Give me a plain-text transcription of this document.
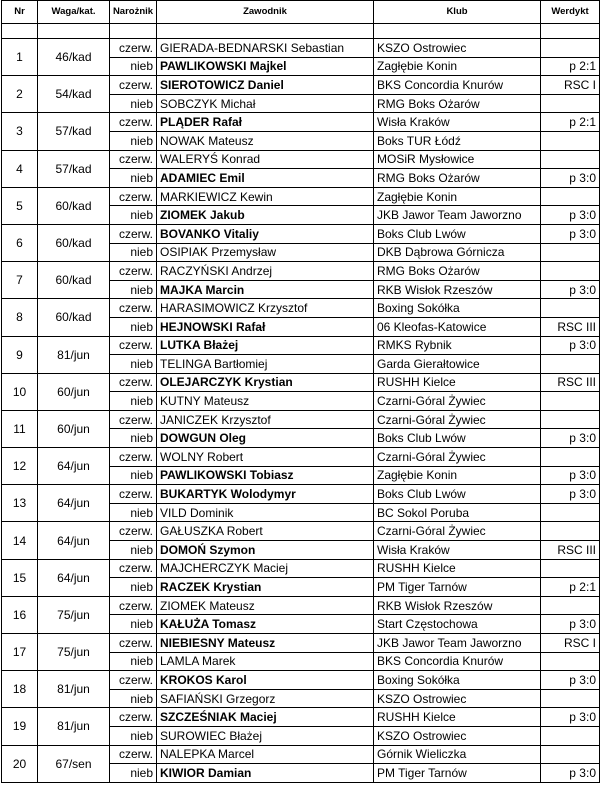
Nr	Waga/kat.	Narożnik	Zawodnik	Klub	Werdykt

1	46/kad	czerw.	GIERADA-BEDNARSKI Sebastian	KSZO Ostrowiec	
		nieb	PAWLIKOWSKI Majkel	Zagłębie Konin	p 2:1
2	54/kad	czerw.	SIEROTOWICZ Daniel	BKS Concordia Knurów	RSC I
		nieb	SOBCZYK Michał	RMG Boks Ożarów	
3	57/kad	czerw.	PLĄDER Rafał	Wisła Kraków	p 2:1
		nieb	NOWAK Mateusz	Boks TUR Łódź	
4	57/kad	czerw.	WALERYŚ Konrad	MOSiR Mysłowice	
		nieb	ADAMIEC Emil	RMG Boks Ożarów	p 3:0
5	60/kad	czerw.	MARKIEWICZ Kewin	Zagłębie Konin	
		nieb	ZIOMEK Jakub	JKB Jawor Team Jaworzno	p 3:0
6	60/kad	czerw.	BOVANKO Vitaliy	Boks Club Lwów	p 3:0
		nieb	OSIPIAK Przemysław	DKB Dąbrowa Górnicza	
7	60/kad	czerw.	RACZYŃSKI Andrzej	RMG Boks Ożarów	
		nieb	MAJKA Marcin	RKB Wisłok Rzeszów	p 3:0
8	60/kad	czerw.	HARASIMOWICZ Krzysztof	Boxing Sokółka	
		nieb	HEJNOWSKI Rafał	06 Kleofas-Katowice	RSC III
9	81/jun	czerw.	LUTKA Błażej	RMKS Rybnik	p 3:0
		nieb	TELINGA Bartłomiej	Garda Gierałtowice	
10	60/jun	czerw.	OLEJARCZYK Krystian	RUSHH Kielce	RSC III
		nieb	KUTNY Mateusz	Czarni-Góral Żywiec	
11	60/jun	czerw.	JANICZEK Krzysztof	Czarni-Góral Żywiec	
		nieb	DOWGUN Oleg	Boks Club Lwów	p 3:0
12	64/jun	czerw.	WOLNY Robert	Czarni-Góral Żywiec	
		nieb	PAWLIKOWSKI Tobiasz	Zagłębie Konin	p 3:0
13	64/jun	czerw.	BUKARTYK Wolodymyr	Boks Club Lwów	p 3:0
		nieb	VILD Dominik	BC Sokol Poruba	
14	64/jun	czerw.	GAŁUSZKA Robert	Czarni-Góral Żywiec	
		nieb	DOMOŃ Szymon	Wisła Kraków	RSC III
15	64/jun	czerw.	MAJCHERCZYK Maciej	RUSHH Kielce	
		nieb	RACZEK Krystian	PM Tiger Tarnów	p 2:1
16	75/jun	czerw.	ZIOMEK Mateusz	RKB Wisłok Rzeszów	
		nieb	KAŁUŻA Tomasz	Start Częstochowa	p 3:0
17	75/jun	czerw.	NIEBIESNY Mateusz	JKB Jawor Team Jaworzno	RSC I
		nieb	LAMLA Marek	BKS Concordia Knurów	
18	81/jun	czerw.	KROKOS Karol	Boxing Sokółka	p 3:0
		nieb	SAFIAŃSKI Grzegorz	KSZO Ostrowiec	
19	81/jun	czerw.	SZCZEŚNIAK Maciej	RUSHH Kielce	p 3:0
		nieb	SUROWIEC Błażej	KSZO Ostrowiec	
20	67/sen	czerw.	NALEPKA Marcel	Górnik Wieliczka	
		nieb	KIWIOR Damian	PM Tiger Tarnów	p 3:0
